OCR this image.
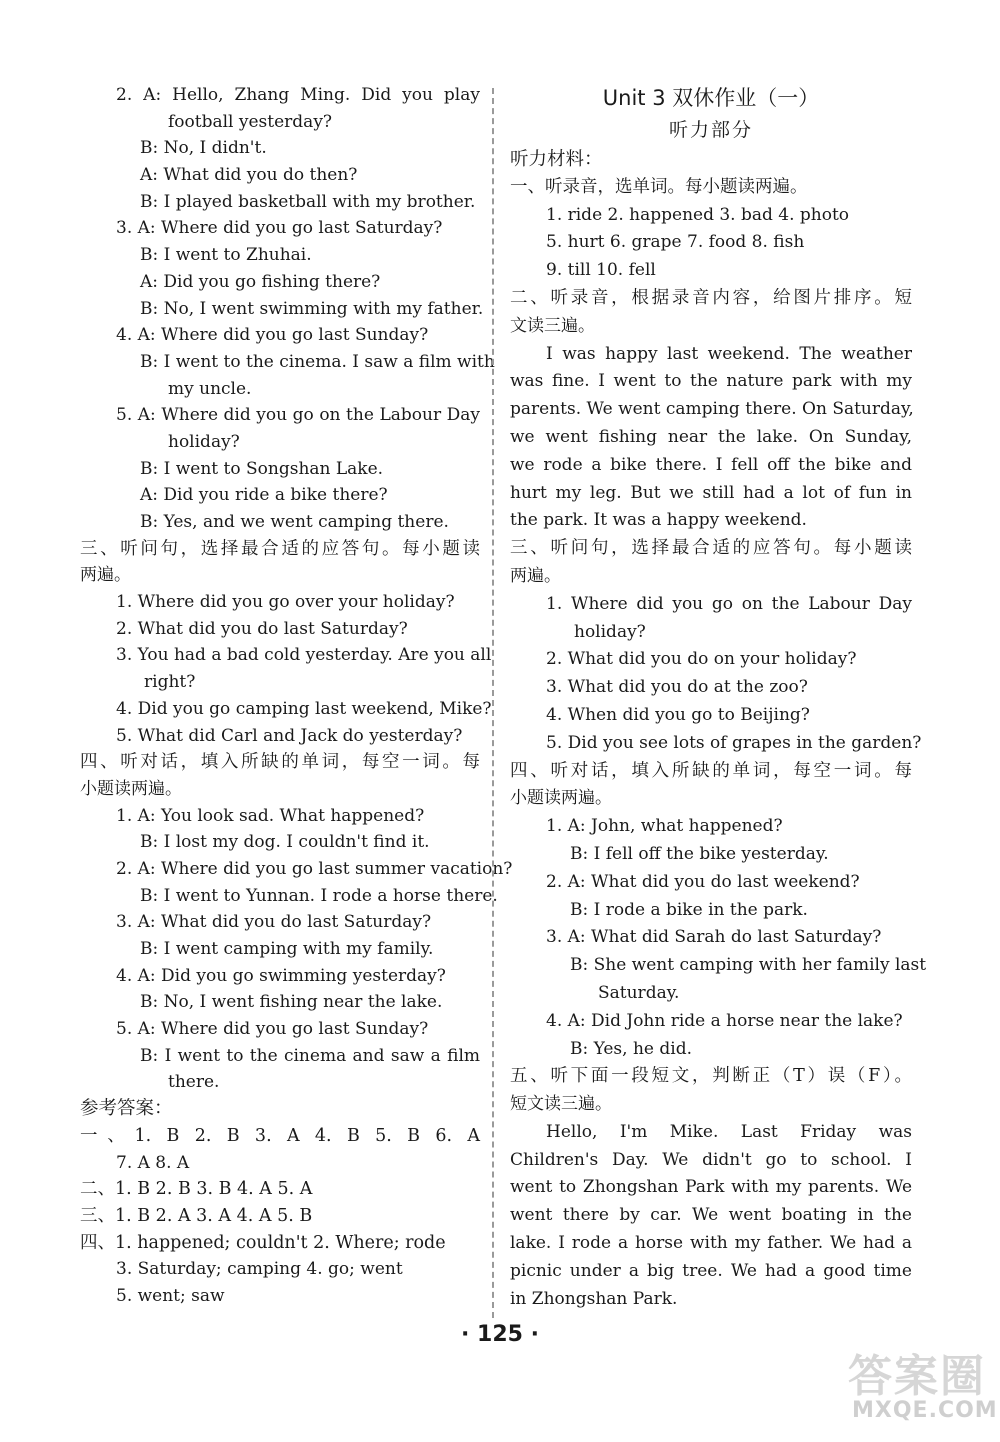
2. A: Hello, Zhang Ming. Did you play
football yesterday?
B: No, I didn't.
A: What did you do then?
B: I played basketball with my brother.
3. A: Where did you go last Saturday?
B: I went to Zhuhai.
A: Did you go fishing there?
B: No, I went swimming with my father.
4. A: Where did you go last Sunday?
B: I went to the cinema. I saw a film with
my uncle.
5. A: Where did you go on the Labour Day
holiday?
B: I went to Songshan Lake.
A: Did you ride a bike there?
B: Yes, and we went camping there.
三、听问句，选择最合适的应答句。每小题读
两遍。
1. Where did you go over your holiday?
2. What did you do last Saturday?
3. You had a bad cold yesterday. Are you all
right?
4. Did you go camping last weekend, Mike?
5. What did Carl and Jack do yesterday?
四、听对话，填入所缺的单词，每空一词。每
小题读两遍。
1. A: You look sad. What happened?
B: I lost my dog. I couldn't find it.
2. A: Where did you go last summer vacation?
B: I went to Yunnan. I rode a horse there.
3. A: What did you do last Saturday?
B: I went camping with my family.
4. A: Did you go swimming yesterday?
B: No, I went fishing near the lake.
5. A: Where did you go last Sunday?
B: I went to the cinema and saw a film
there.
参考答案：
一、1. B 2. B 3. A 4. B 5. B 6. A
7. A 8. A
二、1. B 2. B 3. B 4. A 5. A
三、1. B 2. A 3. A 4. A 5. B
四、1. happened; couldn't 2. Where; rode
3. Saturday; camping 4. go; went
5. went; saw
Unit 3 双休作业（一）
听力部分
听力材料：
一、听录音，选单词。每小题读两遍。
1. ride 2. happened 3. bad 4. photo
5. hurt 6. grape 7. food 8. fish
9. till 10. fell
二、听录音，根据录音内容，给图片排序。短
文读三遍。
I was happy last weekend. The weather
was fine. I went to the nature park with my
parents. We went camping there. On Saturday,
we went fishing near the lake. On Sunday,
we rode a bike there. I fell off the bike and
hurt my leg. But we still had a lot of fun in
the park. It was a happy weekend.
三、听问句，选择最合适的应答句。每小题读
两遍。
1. Where did you go on the Labour Day
holiday?
2. What did you do on your holiday?
3. What did you do at the zoo?
4. When did you go to Beijing?
5. Did you see lots of grapes in the garden?
四、听对话，填入所缺的单词，每空一词。每
小题读两遍。
1. A: John, what happened?
B: I fell off the bike yesterday.
2. A: What did you do last weekend?
B: I rode a bike in the park.
3. A: What did Sarah do last Saturday?
B: She went camping with her family last
Saturday.
4. A: Did John ride a horse near the lake?
B: Yes, he did.
五、听下面一段短文，判断正（T）误（F）。
短文读三遍。
Hello, I'm Mike. Last Friday was
Children's Day. We didn't go to school. I
went to Zhongshan Park with my parents. We
went there by car. We went boating in the
lake. I rode a horse with my father. We had a
picnic under a big tree. We had a good time
in Zhongshan Park.
· 125 ·
答案圈
MXQE.COM
